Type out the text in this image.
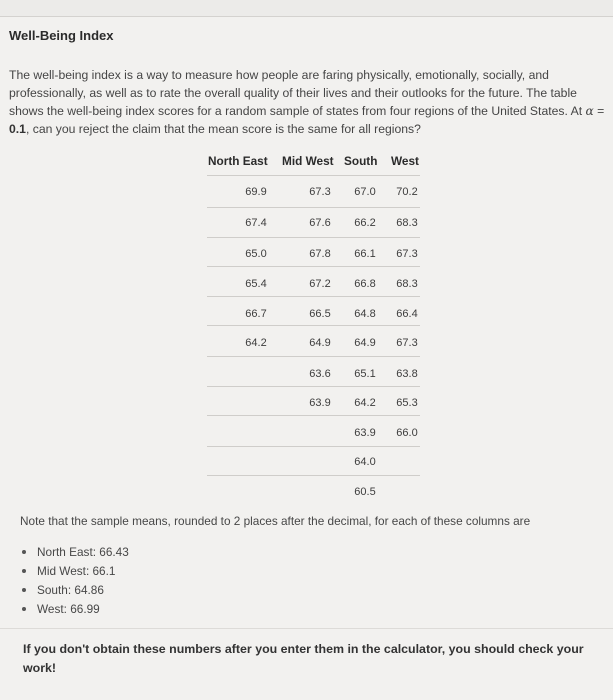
Well-Being Index
The well-being index is a way to measure how people are faring physically, emotionally, socially, and professionally, as well as to rate the overall quality of their lives and their outlooks for the future. The table shows the well-being index scores for a random sample of states from four regions of the United States. At α = 0.1, can you reject the claim that the mean score is the same for all regions?
North East Mid West South West
69.9
67.4
65.0
65.4
66.7
64.2
67.3
67.6
67.8
67.2
66.5
64.9
63.6
63.9
67.0
66.2
66.1
66.8
64.8
64.9
65.1
64.2
63.9
64.0
60.5
70.2
68.3
67.3
68.3
66.4
67.3
63.8
65.3
66.0
Note that the sample means, rounded to 2 places after the decimal, for each of these columns are
North East: 66.43
Mid West: 66.1
South: 64.86
West: 66.99
If you don't obtain these numbers after you enter them in the calculator, you should check your work!
